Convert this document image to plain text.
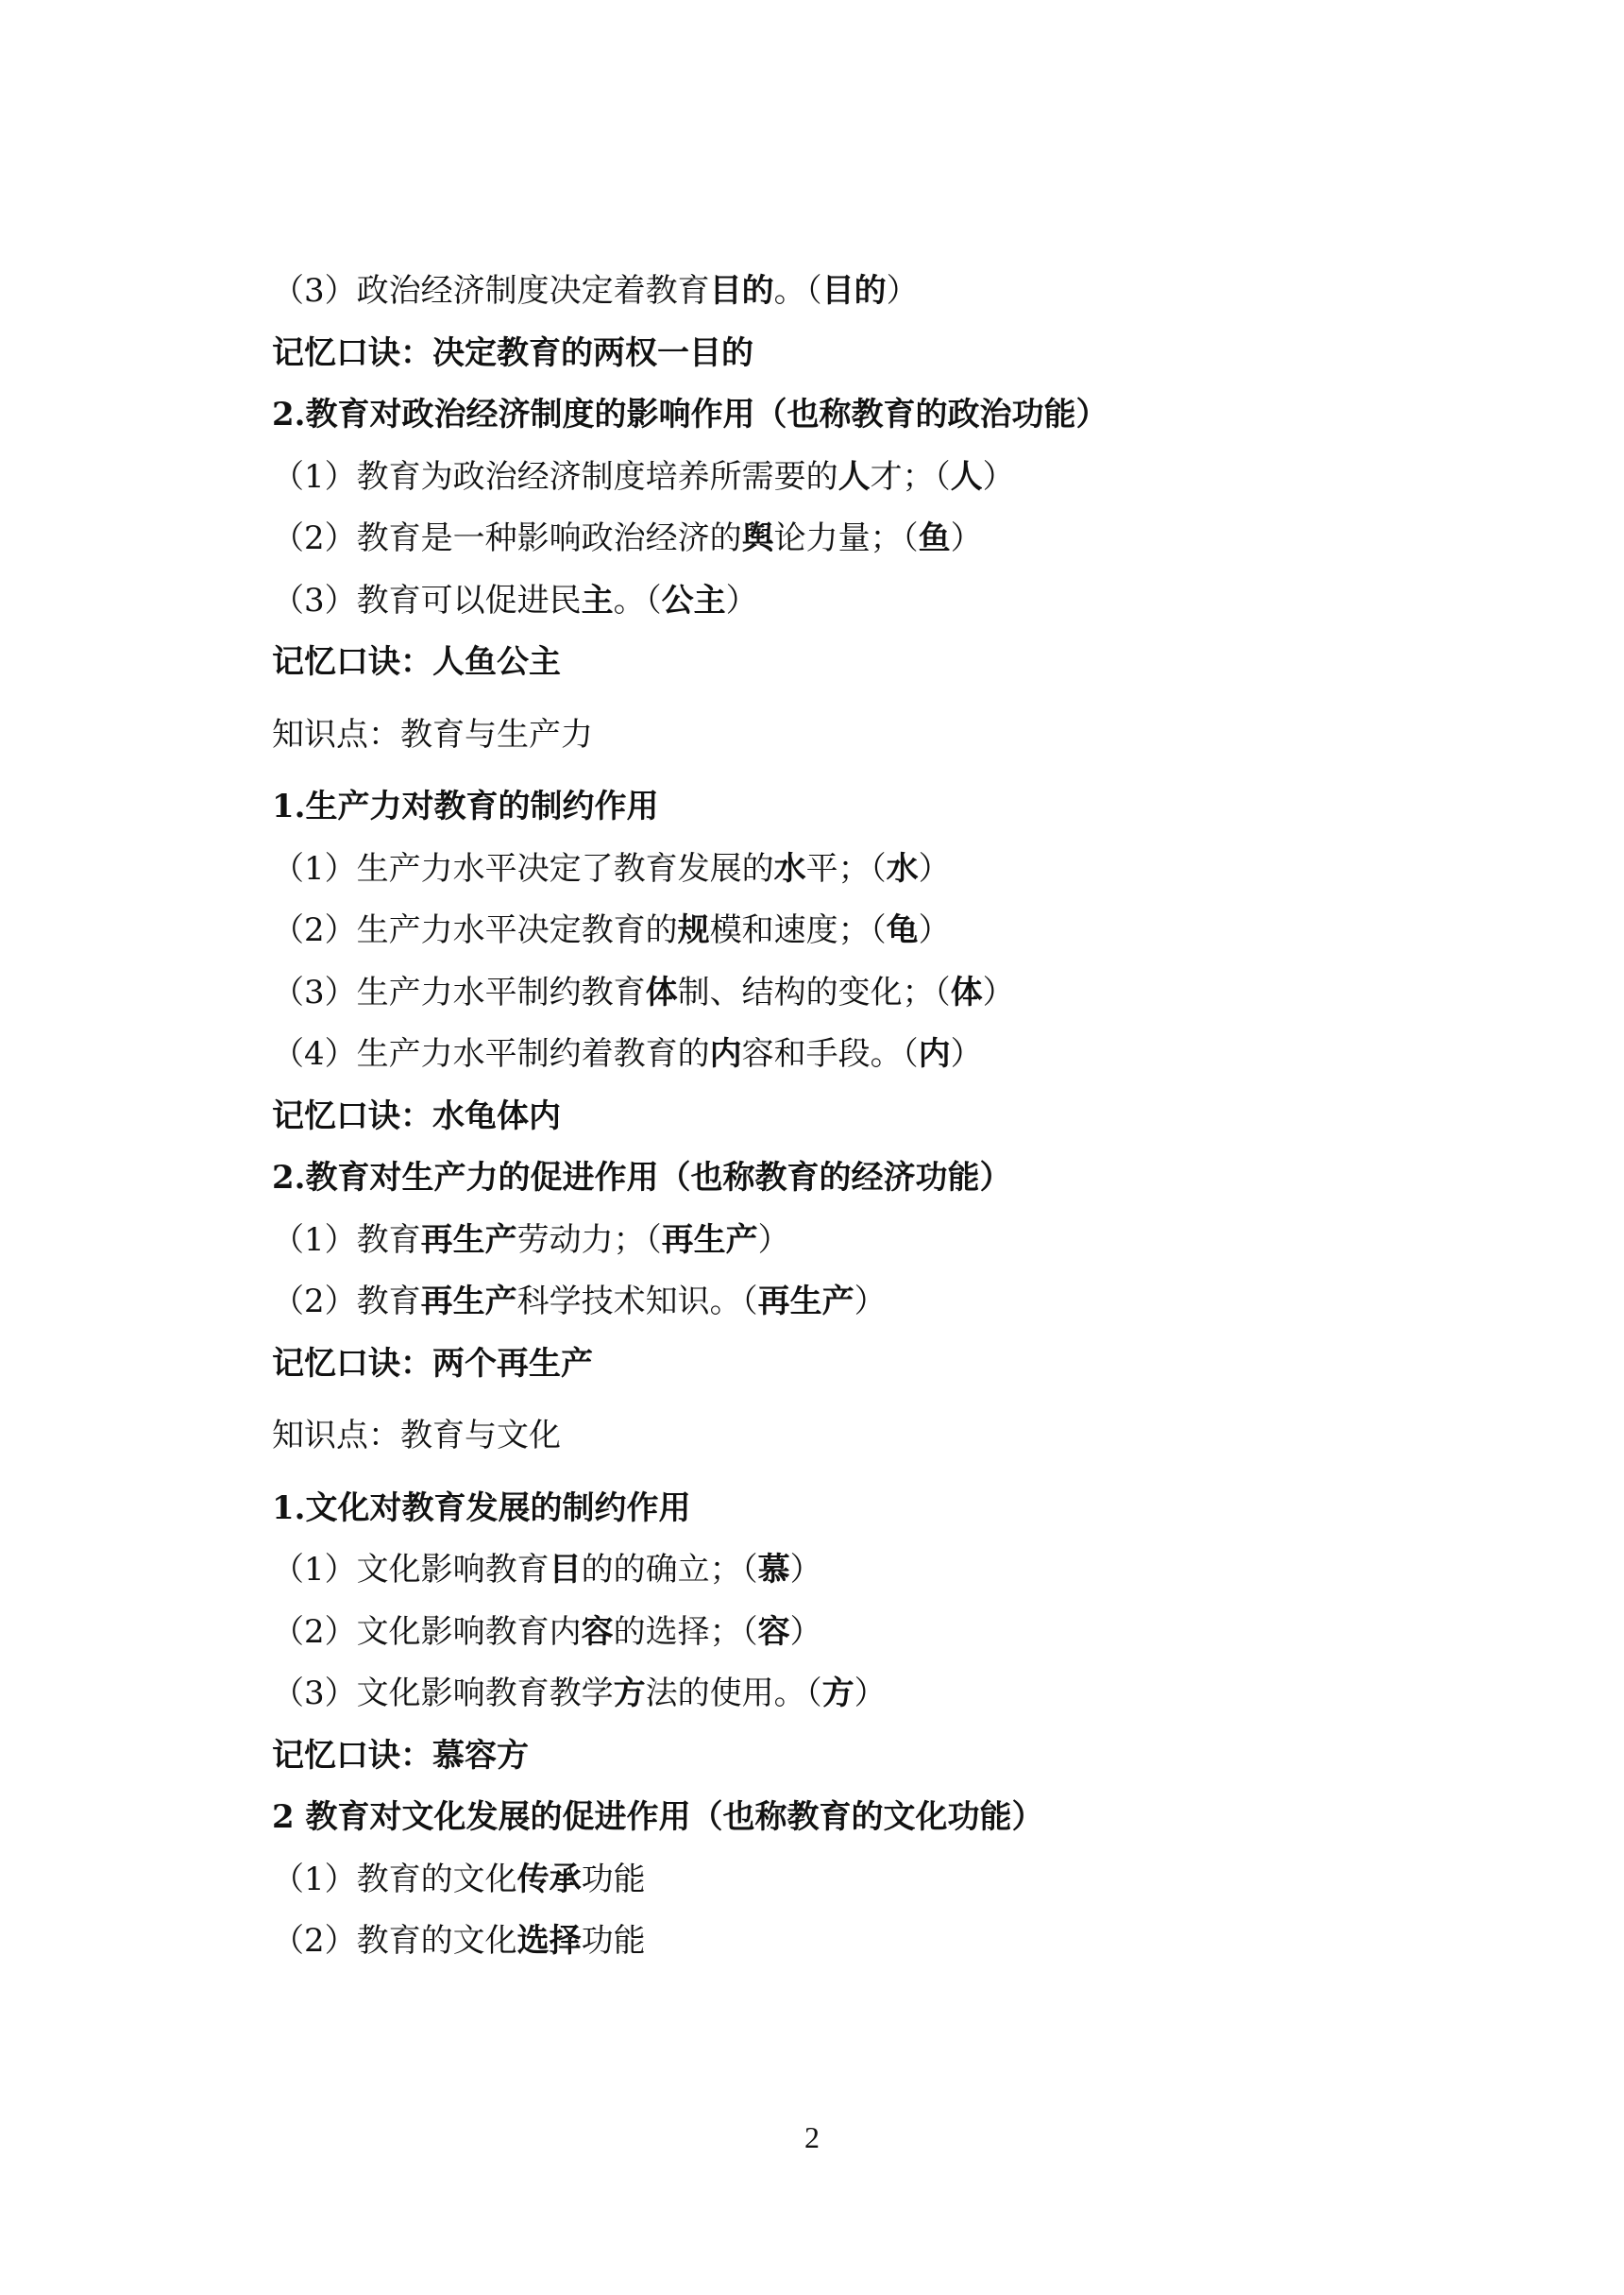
（3）政治经济制度决定着教育目的。（目的）
记忆口诀：决定教育的两权一目的
2.教育对政治经济制度的影响作用（也称教育的政治功能）
（1）教育为政治经济制度培养所需要的人才；（人）
（2）教育是一种影响政治经济的舆论力量；（鱼）
（3）教育可以促进民主。（公主）
记忆口诀：人鱼公主
知识点：教育与生产力
1.生产力对教育的制约作用
（1）生产力水平决定了教育发展的水平；（水）
（2）生产力水平决定教育的规模和速度；（龟）
（3）生产力水平制约教育体制、结构的变化；（体）
（4）生产力水平制约着教育的内容和手段。（内）
记忆口诀：水龟体内
2.教育对生产力的促进作用（也称教育的经济功能）
（1）教育再生产劳动力；（再生产）
（2）教育再生产科学技术知识。（再生产）
记忆口诀：两个再生产
知识点：教育与文化
1.文化对教育发展的制约作用
（1）文化影响教育目的的确立；（慕）
（2）文化影响教育内容的选择；（容）
（3）文化影响教育教学方法的使用。（方）
记忆口诀：慕容方
2 教育对文化发展的促进作用（也称教育的文化功能）
（1）教育的文化传承功能
（2）教育的文化选择功能
2
